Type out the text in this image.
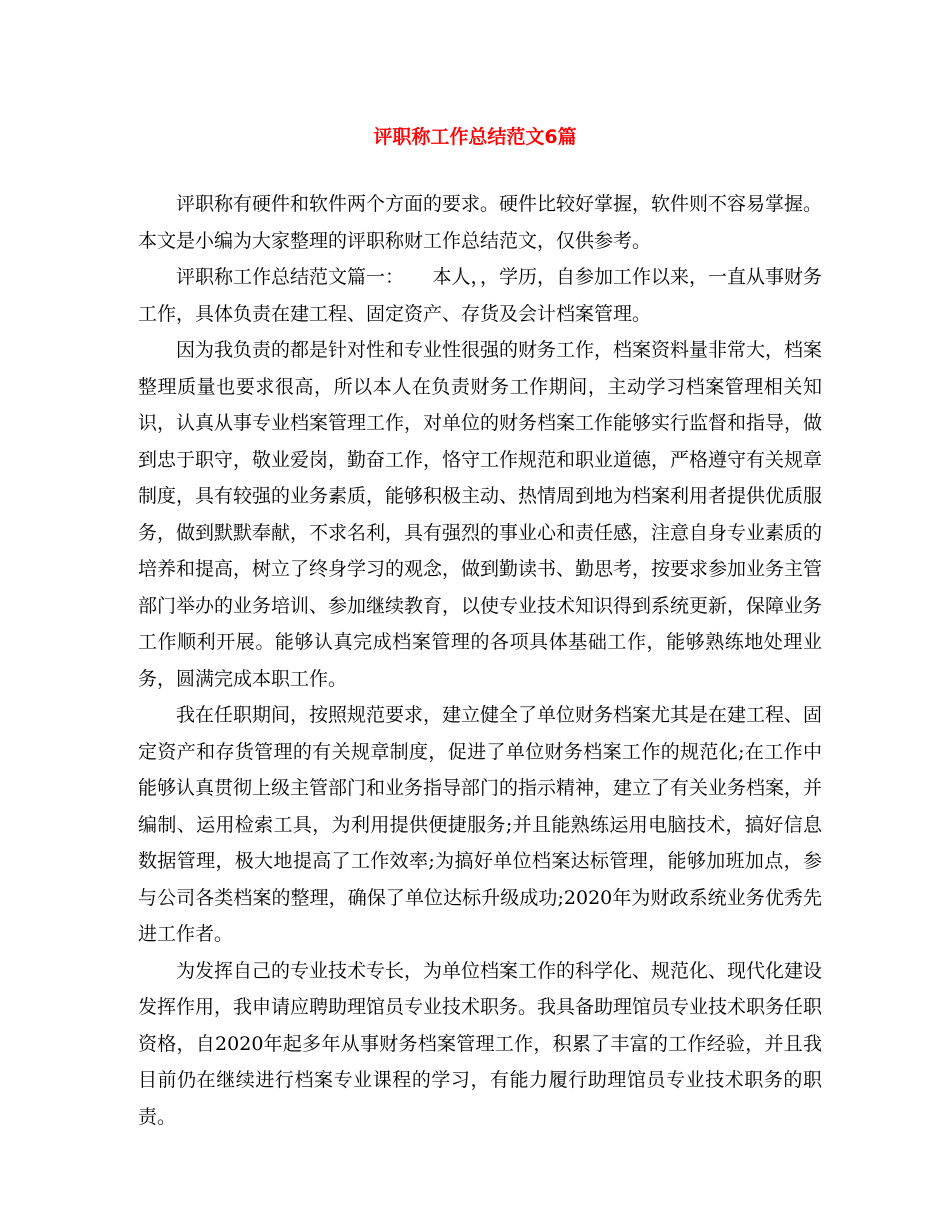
评职称工作总结范文6篇

评职称有硬件和软件两个方面的要求。硬件比较好掌握，软件则不容易掌握。本文是小编为大家整理的评职称财工作总结范文，仅供参考。

评职称工作总结范文篇一：　　本人，，学历，自参加工作以来，一直从事财务工作，具体负责在建工程、固定资产、存货及会计档案管理。

因为我负责的都是针对性和专业性很强的财务工作，档案资料量非常大，档案整理质量也要求很高，所以本人在负责财务工作期间，主动学习档案管理相关知识，认真从事专业档案管理工作，对单位的财务档案工作能够实行监督和指导，做到忠于职守，敬业爱岗，勤奋工作，恪守工作规范和职业道德，严格遵守有关规章制度，具有较强的业务素质，能够积极主动、热情周到地为档案利用者提供优质服务，做到默默奉献，不求名利，具有强烈的事业心和责任感，注意自身专业素质的培养和提高，树立了终身学习的观念，做到勤读书、勤思考，按要求参加业务主管部门举办的业务培训、参加继续教育，以使专业技术知识得到系统更新，保障业务工作顺利开展。能够认真完成档案管理的各项具体基础工作，能够熟练地处理业务，圆满完成本职工作。

我在任职期间，按照规范要求，建立健全了单位财务档案尤其是在建工程、固定资产和存货管理的有关规章制度，促进了单位财务档案工作的规范化;在工作中能够认真贯彻上级主管部门和业务指导部门的指示精神，建立了有关业务档案，并编制、运用检索工具，为利用提供便捷服务;并且能熟练运用电脑技术，搞好信息数据管理，极大地提高了工作效率;为搞好单位档案达标管理，能够加班加点，参与公司各类档案的整理，确保了单位达标升级成功;2020年为财政系统业务优秀先进工作者。

为发挥自己的专业技术专长，为单位档案工作的科学化、规范化、现代化建设发挥作用，我申请应聘助理馆员专业技术职务。我具备助理馆员专业技术职务任职资格，自2020年起多年从事财务档案管理工作，积累了丰富的工作经验，并且我目前仍在继续进行档案专业课程的学习，有能力履行助理馆员专业技术职务的职责。
